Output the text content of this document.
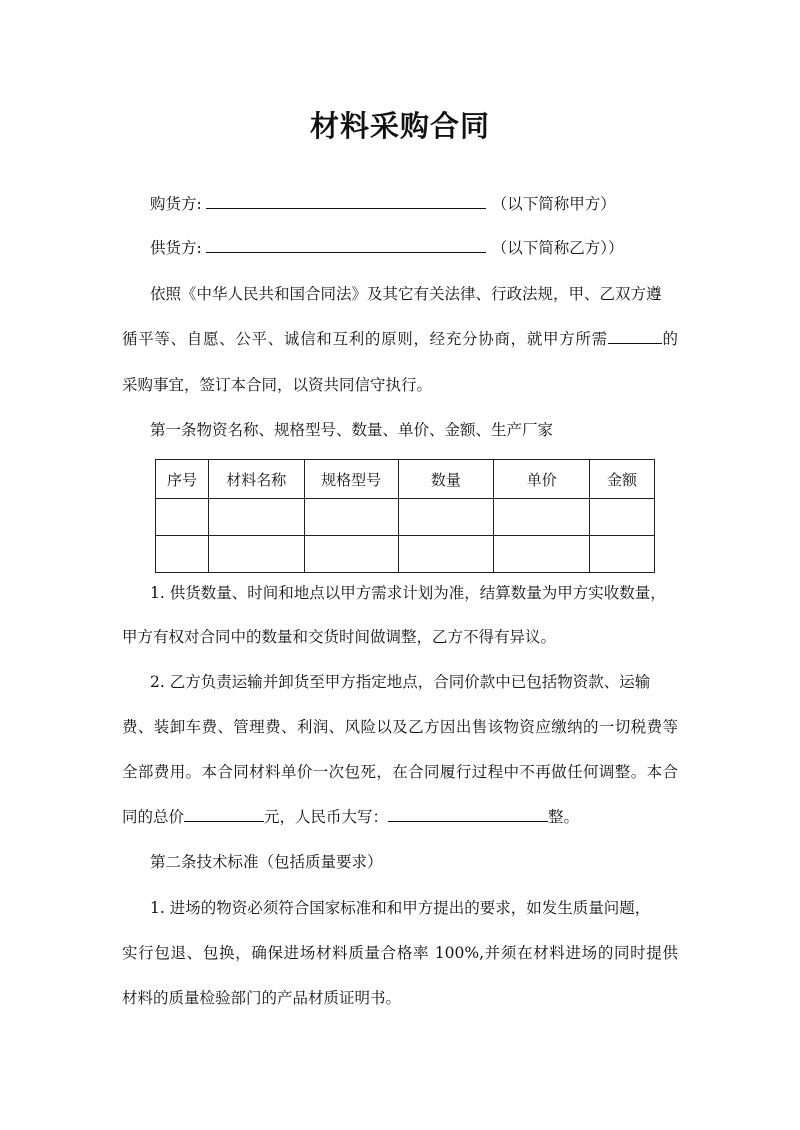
材料采购合同
购货方:	（以下简称甲方）
供货方:	（以下简称乙方））
依照《中华人民共和国合同法》及其它有关法律、行政法规，甲、乙双方遵
循平等、自愿、公平、诚信和互利的原则，经充分协商，就甲方所需	的
采购事宜，签订本合同，以资共同信守执行。
第一条物资名称、规格型号、数量、单价、金额、生产厂家
序号	材料名称	规格型号	数量	单价	金额

1. 供货数量、时间和地点以甲方需求计划为准，结算数量为甲方实收数量，
甲方有权对合同中的数量和交货时间做调整，乙方不得有异议。
2. 乙方负责运输并卸货至甲方指定地点，合同价款中已包括物资款、运输
费、装卸车费、管理费、利润、风险以及乙方因出售该物资应缴纳的一切税费等
全部费用。本合同材料单价一次包死，在合同履行过程中不再做任何调整。本合
同的总价	元，人民币大写：	整。
第二条技术标准（包括质量要求）
1. 进场的物资必须符合国家标准和和甲方提出的要求，如发生质量问题，
实行包退、包换，确保进场材料质量合格率 100%,并须在材料进场的同时提供
材料的质量检验部门的产品材质证明书。
